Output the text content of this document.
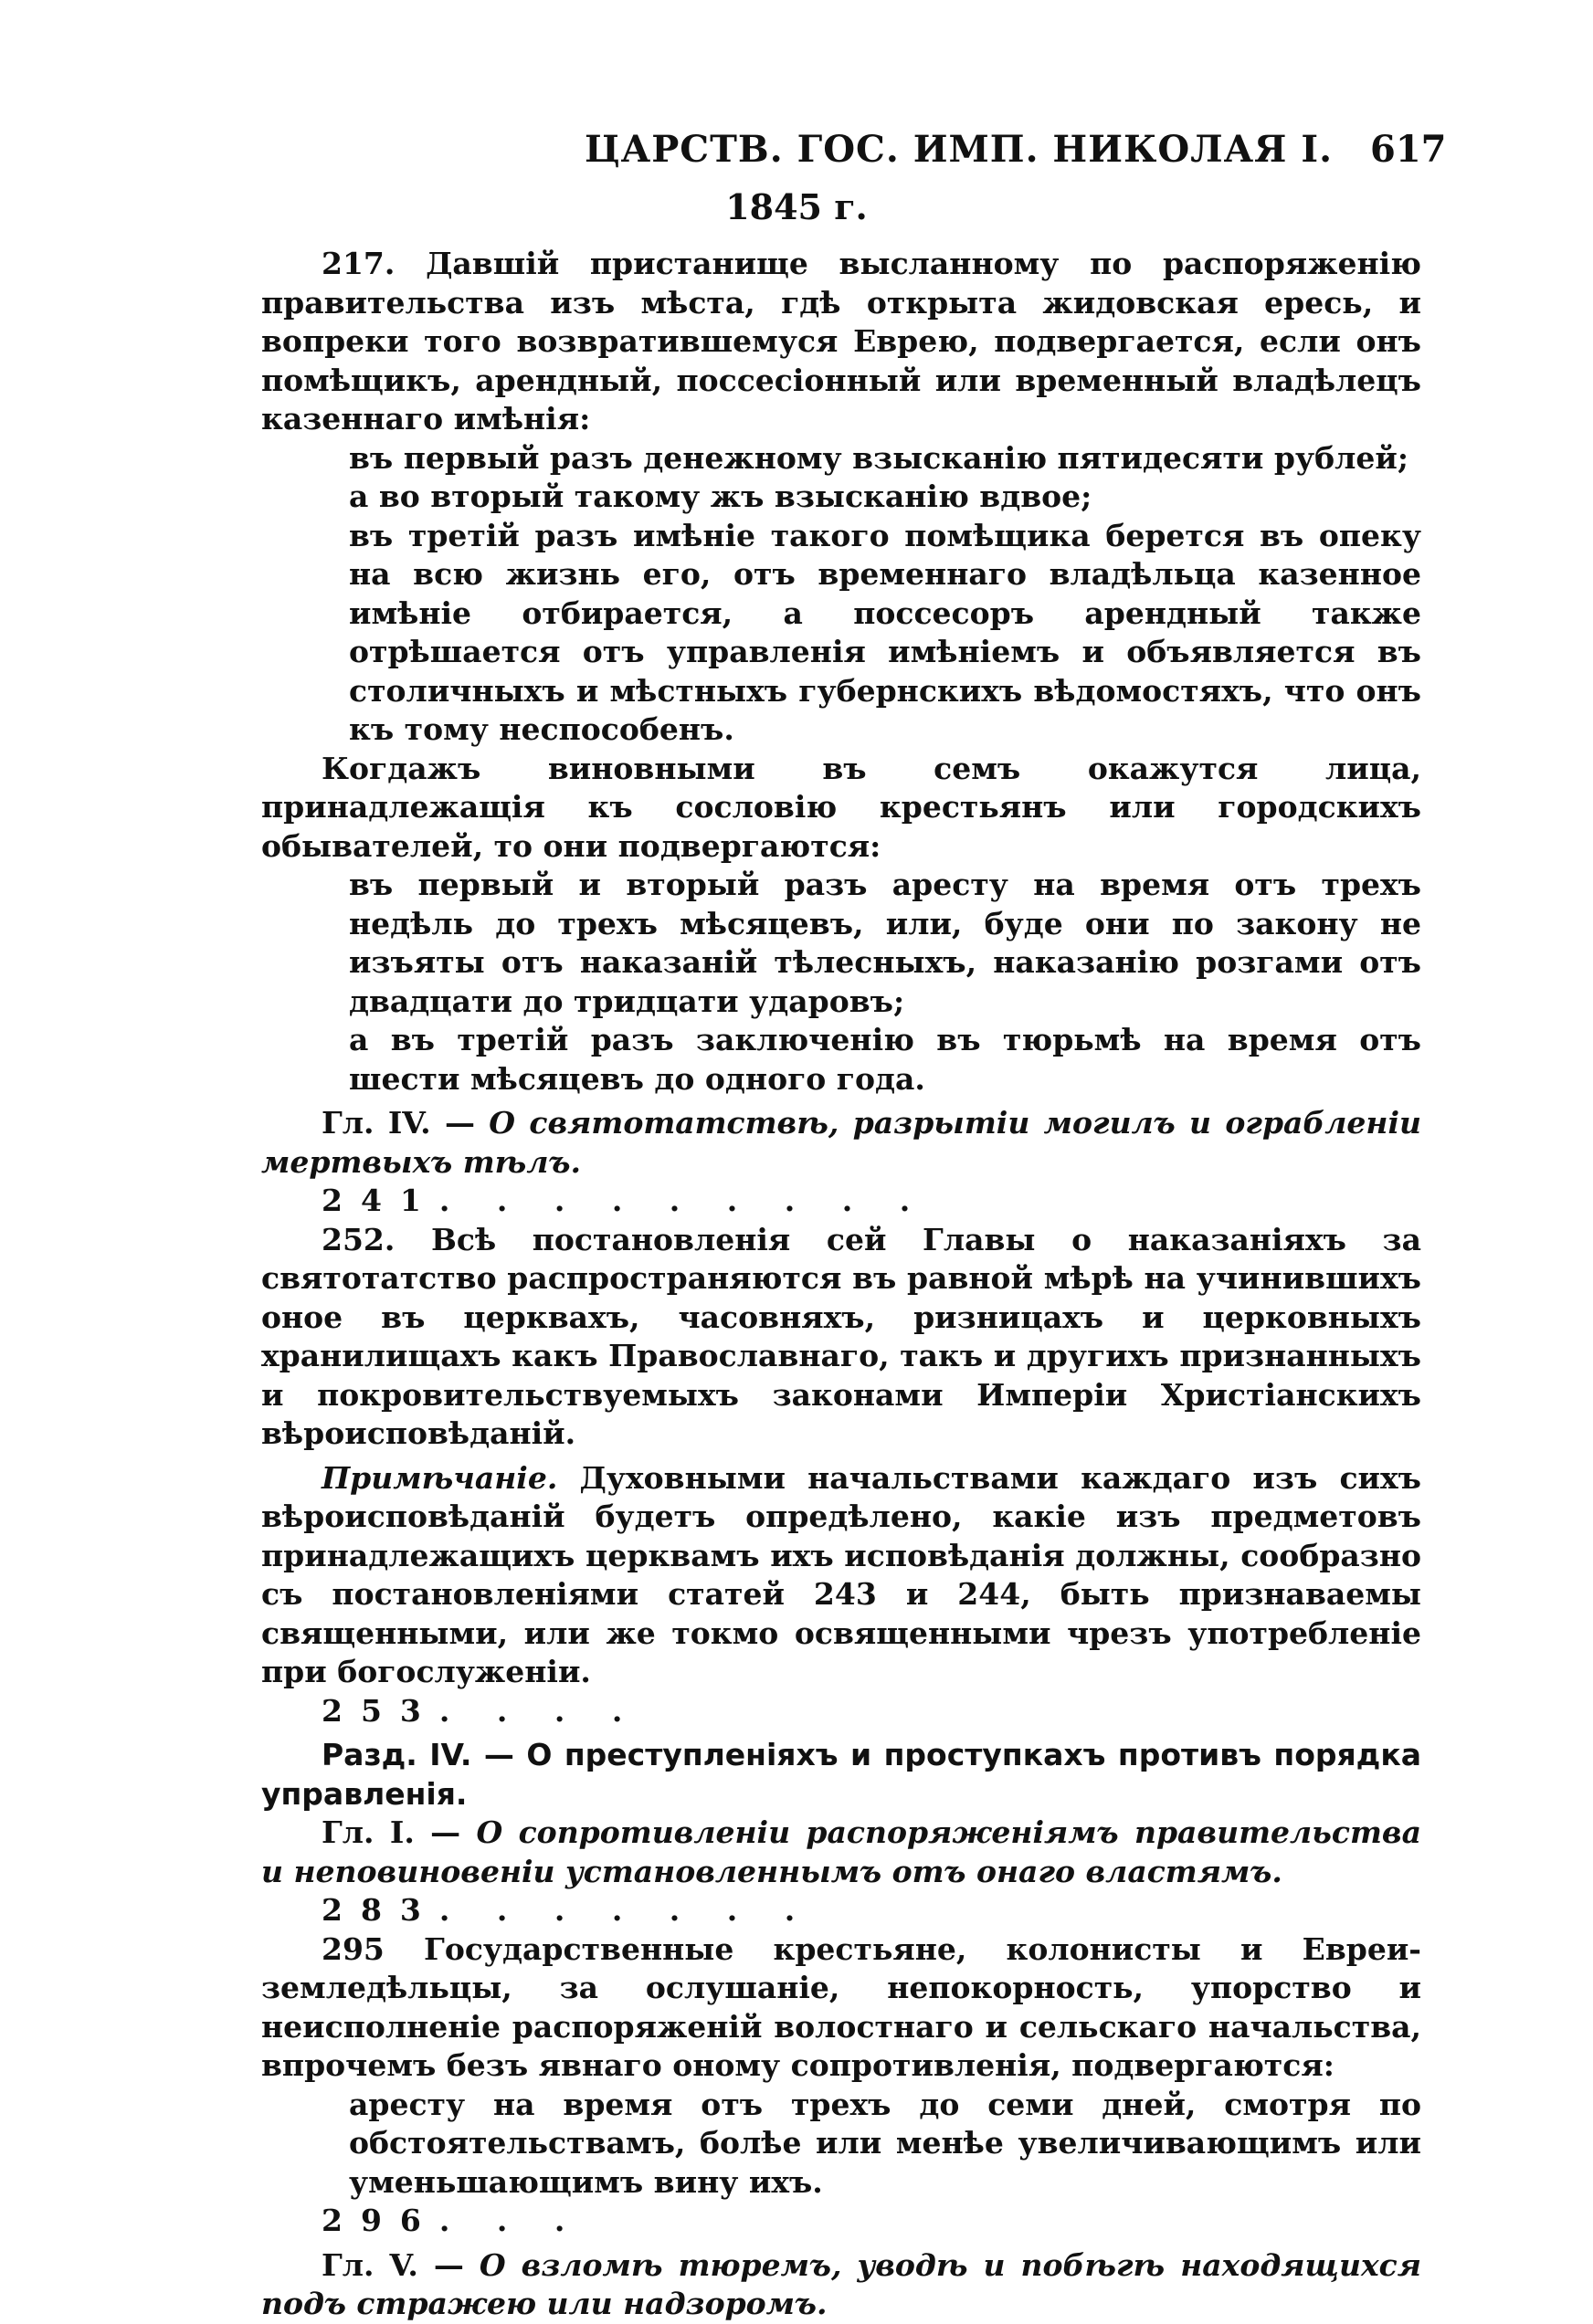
ЦАРСТВ. ГОС. ИМП. НИКОЛАЯ I. 617
1845 г.

217. Давшій пристанище высланному по распоряженію правительства изъ мѣста, гдѣ открыта жидовская ересь, и вопреки того возвратившемуся Еврею, подвергается, если онъ помѣщикъ, арендный, поссесіонный или временный владѣлецъ казеннаго имѣнія:

въ первый разъ денежному взысканію пятидесяти рублей;

а во вторый такому жъ взысканію вдвое;

въ третій разъ имѣніе такого помѣщика берется въ опеку на всю жизнь его, отъ временнаго владѣльца казенное имѣніе отбирается, а поссесоръ арендный также отрѣшается отъ управленія имѣніемъ и объявляется въ столичныхъ и мѣстныхъ губернскихъ вѣдомостяхъ, что онъ къ тому неспособенъ.

Когдажъ виновными въ семъ окажутся лица, принадлежащія къ сословію крестьянъ или городскихъ обывателей, то они подвергаются:

въ первый и вторый разъ аресту на время отъ трехъ недѣль до трехъ мѣсяцевъ, или, буде они по закону не изъяты отъ наказаній тѣлесныхъ, наказанію розгами отъ двадцати до тридцати ударовъ;

а въ третій разъ заключенію въ тюрьмѣ на время отъ шести мѣсяцевъ до одного года.

Гл. IV. — О святотатствѣ, разрытіи могилъ и ограбленіи мертвыхъ тѣлъ.

241. . . . . . . . .

252. Всѣ постановленія сей Главы о наказаніяхъ за святотатство распространяются въ равной мѣрѣ на учинившихъ оное въ церквахъ, часовняхъ, ризницахъ и церковныхъ хранилищахъ какъ Православнаго, такъ и другихъ признанныхъ и покровительствуемыхъ законами Имперіи Христіанскихъ вѣроисповѣданій.

Примѣчаніе. Духовными начальствами каждаго изъ сихъ вѣроисповѣданій будетъ опредѣлено, какіе изъ предметовъ принадлежащихъ церквамъ ихъ исповѣданія должны, сообразно съ постановленіями статей 243 и 244, быть признаваемы священными, или же токмо освященными чрезъ употребленіе при богослуженіи.

253. . . .

Разд. IV. — О преступленіяхъ и проступкахъ противъ порядка управленія.

Гл. I. — О сопротивленіи распоряженіямъ правительства и неповиновеніи установленнымъ отъ онаго властямъ.

283. . . . . . .

295 Государственные крестьяне, колонисты и Евреи-земледѣльцы, за ослушаніе, непокорность, упорство и неисполненіе распоряженій волостнаго и сельскаго начальства, впрочемъ безъ явнаго оному сопротивленія, подвергаются:

аресту на время отъ трехъ до семи дней, смотря по обстоятельствамъ, болѣе или менѣе увеличивающимъ или уменьшающимъ вину ихъ.

296. . .

Гл. V. — О взломѣ тюремъ, уводѣ и побѣгѣ находящихся подъ стражею или надзоромъ.
